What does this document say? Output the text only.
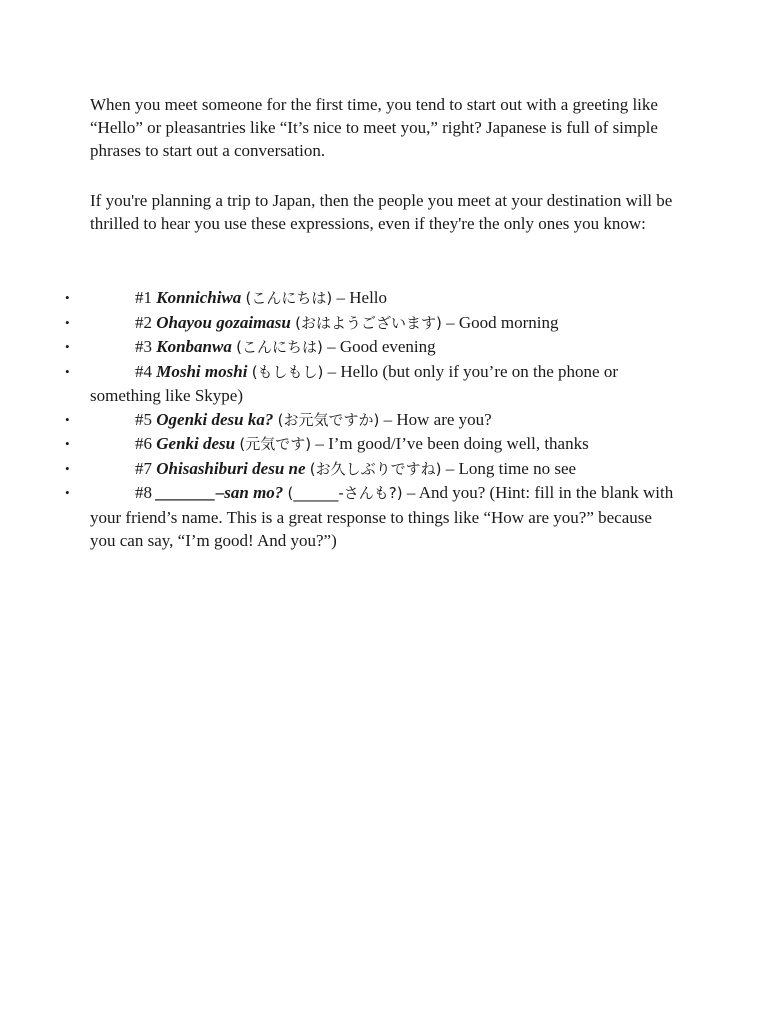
When you meet someone for the first time, you tend to start out with a greeting like “Hello” or pleasantries like “It’s nice to meet you,” right? Japanese is full of simple phrases to start out a conversation.

If you're planning a trip to Japan, then the people you meet at your destination will be thrilled to hear you use these expressions, even if they're the only ones you know:

•	#1 Konnichiwa (こんにちは) – Hello
•	#2 Ohayou gozaimasu (おはようございます) – Good morning
•	#3 Konbanwa (こんにちは) – Good evening
•	#4 Moshi moshi (もしもし) – Hello (but only if you’re on the phone or something like Skype)
•	#5 Ogenki desu ka? (お元気ですか) – How are you?
•	#6 Genki desu (元気です) – I’m good/I’ve been doing well, thanks
•	#7 Ohisashiburi desu ne (お久しぶりですね) – Long time no see
•	#8 _______–san mo? (______-さんも?) – And you? (Hint: fill in the blank with your friend’s name. This is a great response to things like “How are you?” because you can say, “I’m good! And you?”)
